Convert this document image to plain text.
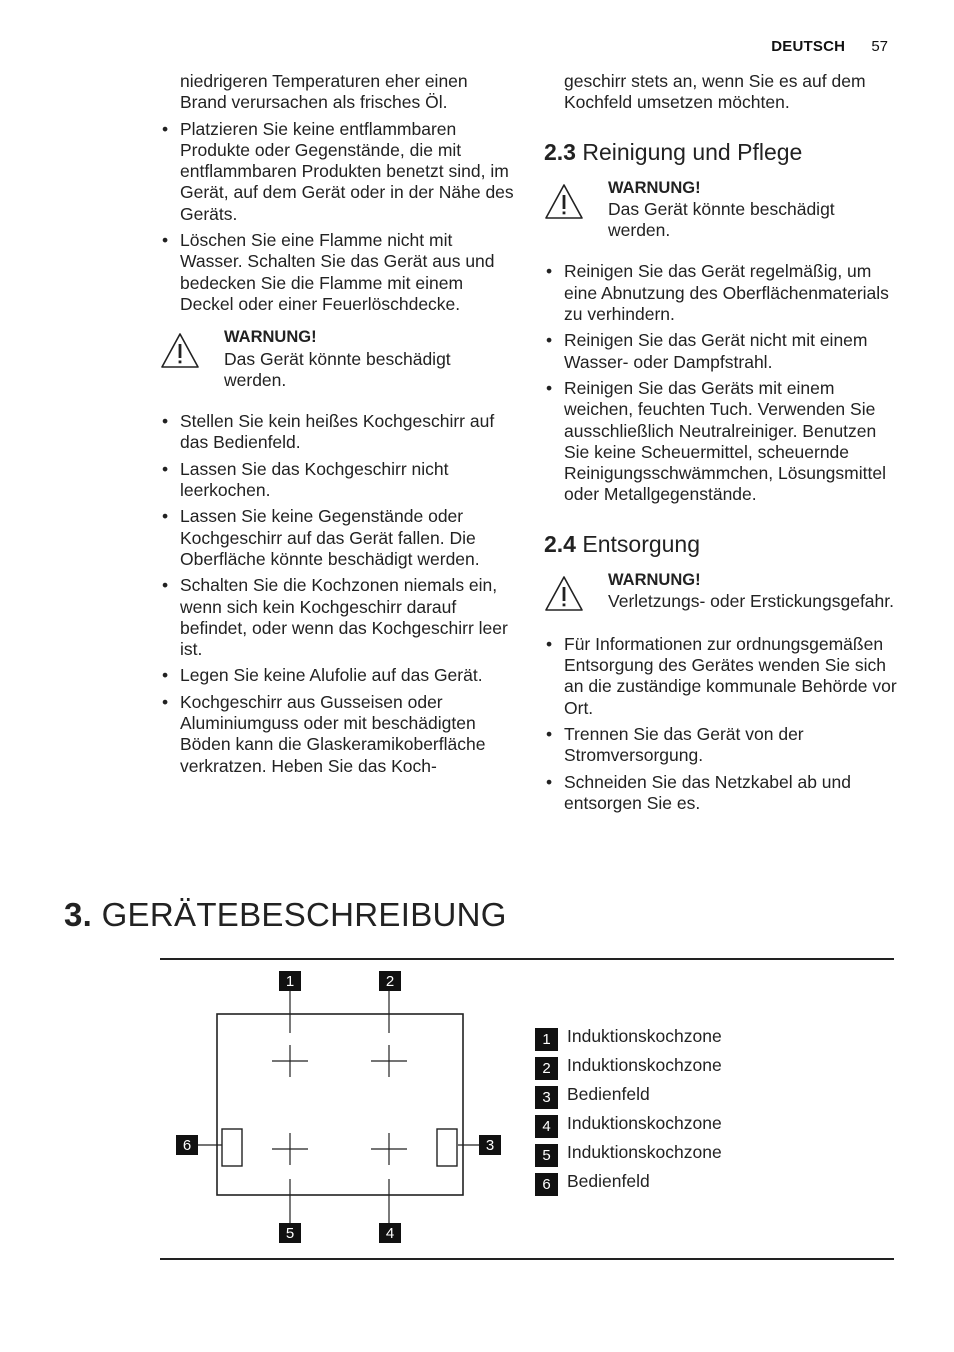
DEUTSCH 57

niedrigeren Temperaturen eher einen Brand verursachen als frisches Öl.

• Platzieren Sie keine entflammbaren Produkte oder Gegenstände, die mit entflammbaren Produkten benetzt sind, im Gerät, auf dem Gerät oder in der Nähe des Geräts.
• Löschen Sie eine Flamme nicht mit Wasser. Schalten Sie das Gerät aus und bedecken Sie die Flamme mit einem Deckel oder einer Feuerlöschdecke.
WARNUNG!
Das Gerät könnte beschädigt werden.
• Stellen Sie kein heißes Kochgeschirr auf das Bedienfeld.
• Lassen Sie das Kochgeschirr nicht leerkochen.
• Lassen Sie keine Gegenstände oder Kochgeschirr auf das Gerät fallen. Die Oberfläche könnte beschädigt werden.
• Schalten Sie die Kochzonen niemals ein, wenn sich kein Kochgeschirr darauf befindet, oder wenn das Kochgeschirr leer ist.
• Legen Sie keine Alufolie auf das Gerät.
• Kochgeschirr aus Gusseisen oder Aluminiumguss oder mit beschädigten Böden kann die Glaskeramikoberfläche verkratzen. Heben Sie das Koch-

geschirr stets an, wenn Sie es auf dem Kochfeld umsetzen möchten.

2.3 Reinigung und Pflege
WARNUNG!
Das Gerät könnte beschädigt werden.
• Reinigen Sie das Gerät regelmäßig, um eine Abnutzung des Oberflächenmaterials zu verhindern.
• Reinigen Sie das Gerät nicht mit einem Wasser- oder Dampfstrahl.
• Reinigen Sie das Geräts mit einem weichen, feuchten Tuch. Verwenden Sie ausschließlich Neutralreiniger. Benutzen Sie keine Scheuermittel, scheuernde Reinigungsschwämmchen, Lösungsmittel oder Metallgegenstände.
2.4 Entsorgung
WARNUNG!
Verletzungs- oder Erstickungsgefahr.
• Für Informationen zur ordnungsgemäßen Entsorgung des Gerätes wenden Sie sich an die zuständige kommunale Behörde vor Ort.
• Trennen Sie das Gerät von der Stromversorgung.
• Schneiden Sie das Netzkabel ab und entsorgen Sie es.
3. GERÄTEBESCHREIBUNG
1	2
3
4
5
6
1 Induktionskochzone
2 Induktionskochzone
3 Bedienfeld
4 Induktionskochzone
5 Induktionskochzone
6 Bedienfeld
